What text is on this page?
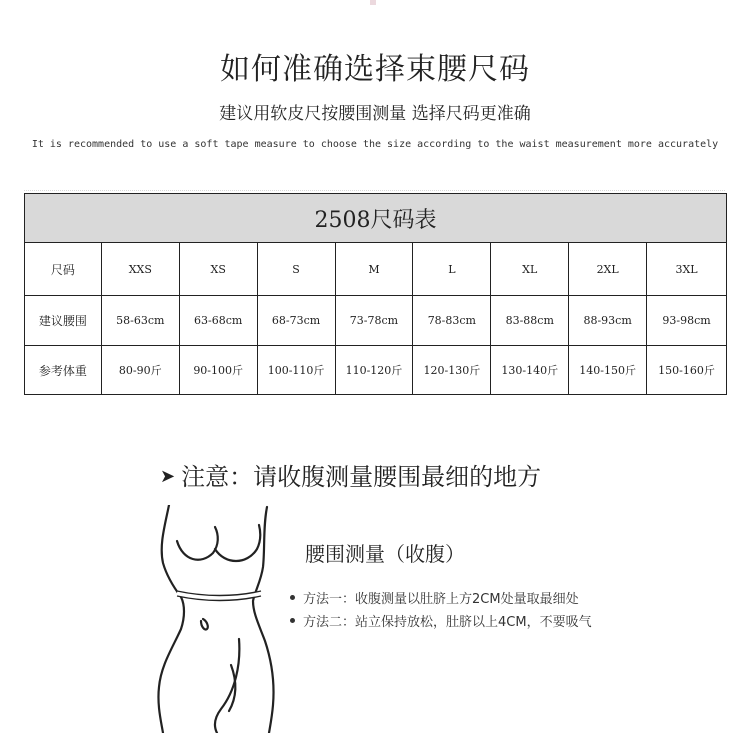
如何准确选择束腰尺码
建议用软皮尺按腰围测量 选择尺码更准确
It is recommended to use a soft tape measure to choose the size according to the waist measurement more accurately
2508尺码表								
尺码	XXS	XS	S	M	L	XL	2XL	3XL
建议腰围	58-63cm	63-68cm	68-73cm	73-78cm	78-83cm	83-88cm	88-93cm	93-98cm
参考体重	80-90斤	90-100斤	100-110斤	110-120斤	120-130斤	130-140斤	140-150斤	150-160斤
➤ 注意：请收腹测量腰围最细的地方
腰围测量（收腹）
方法一：收腹测量以肚脐上方2CM处量取最细处
方法二：站立保持放松，肚脐以上4CM，不要吸气
